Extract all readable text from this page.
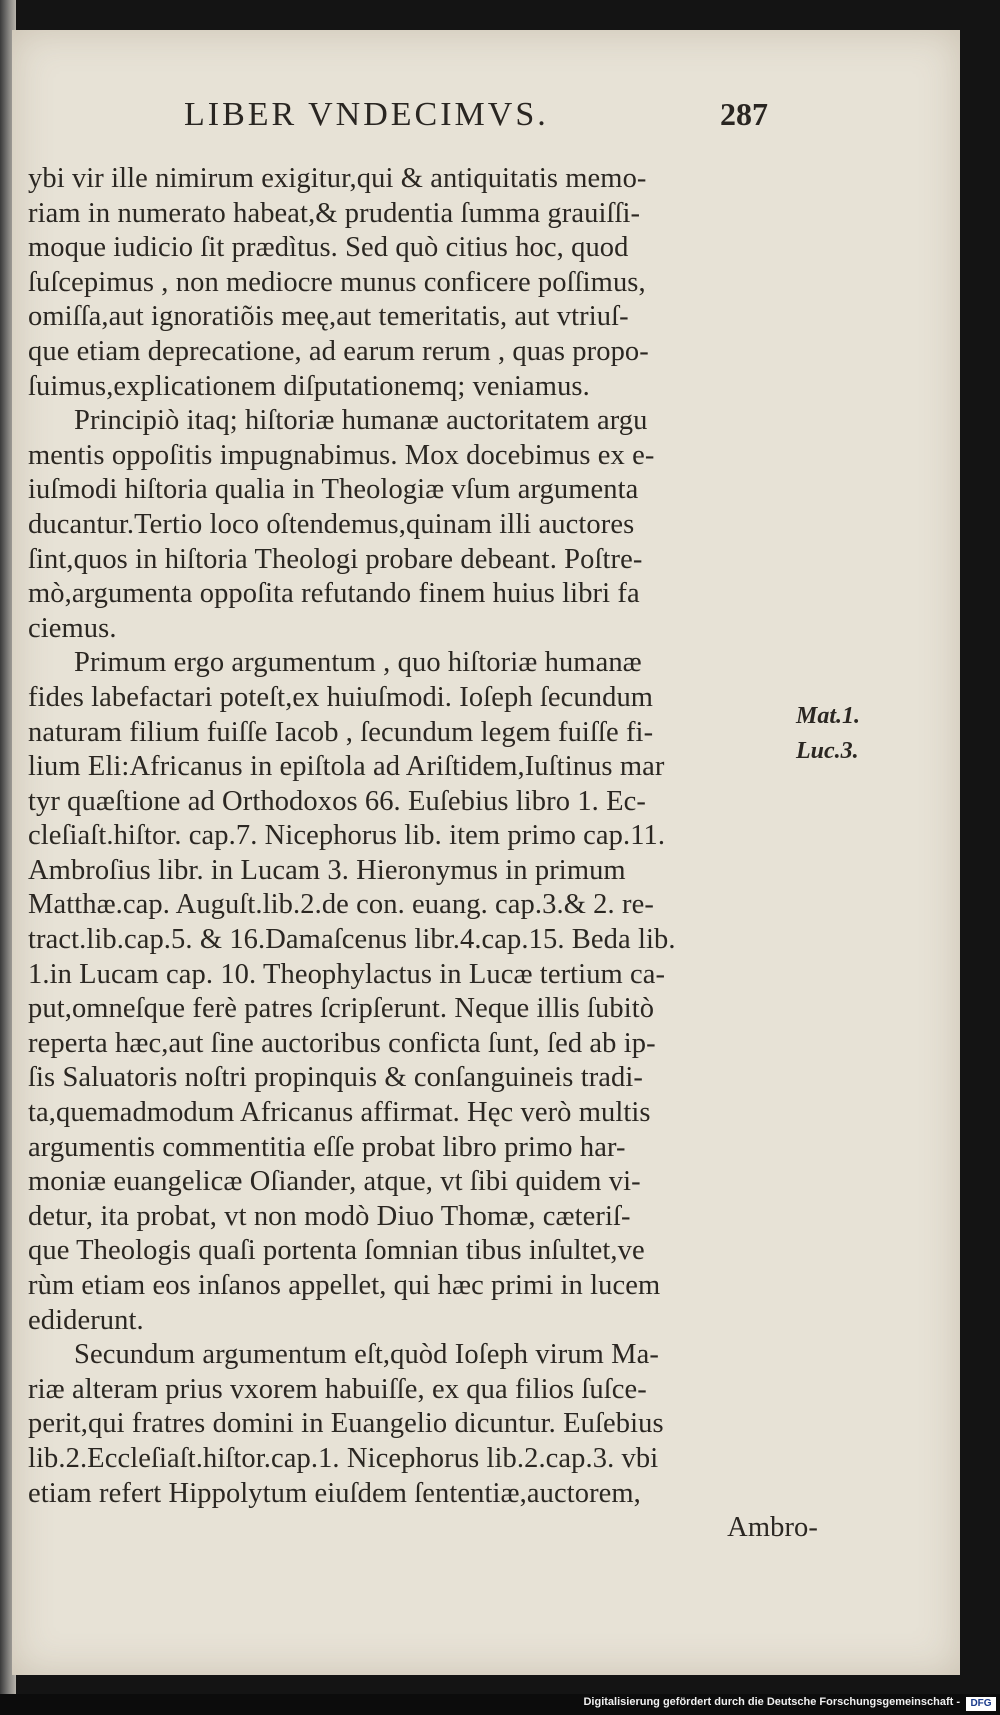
LIBER VNDECIMVS.	287
ybi vir ille nimirum exigitur,qui & antiquitatis memo-
riam in numerato habeat,& prudentia ſumma grauiſſi-
moque iudicio ſit prædìtus. Sed quò citius hoc, quod
ſuſcepimus , non mediocre munus conficere poſſimus,
omiſſa,aut ignoratiõis meę,aut temeritatis, aut vtriuſ-
que etiam deprecatione, ad earum rerum , quas propo-
ſuimus,explicationem diſputationemq; veniamus.
Principiò itaq; hiſtoriæ humanæ auctoritatem argu
mentis oppoſitis impugnabimus. Mox docebimus ex e-
iuſmodi hiſtoria qualia in Theologiæ vſum argumenta
ducantur.Tertio loco oſtendemus,quinam illi auctores
ſint,quos in hiſtoria Theologi probare debeant. Poſtre-
mò,argumenta oppoſita refutando finem huius libri fa
ciemus.
Primum ergo argumentum , quo hiſtoriæ humanæ
fides labefactari poteſt,ex huiuſmodi. Ioſeph ſecundum
naturam filium fuiſſe Iacob , ſecundum legem fuiſſe fi-
lium Eli:Africanus in epiſtola ad Ariſtidem,Iuſtinus mar
tyr quæſtione ad Orthodoxos 66. Euſebius libro 1. Ec-
cleſiaſt.hiſtor. cap.7. Nicephorus lib. item primo cap.11.
Ambroſius libr. in Lucam 3. Hieronymus in primum
Matthæ.cap. Auguſt.lib.2.de con. euang. cap.3.& 2. re-
tract.lib.cap.5. & 16.Damaſcenus libr.4.cap.15. Beda lib.
1.in Lucam cap. 10. Theophylactus in Lucæ tertium ca-
put,omneſque ferè patres ſcripſerunt. Neque illis ſubitò
reperta hæc,aut ſine auctoribus conficta ſunt, ſed ab ip-
ſis Saluatoris noſtri propinquis & conſanguineis tradi-
ta,quemadmodum Africanus affirmat. Hęc verò multis
argumentis commentitia eſſe probat libro primo har-
moniæ euangelicæ Oſiander, atque, vt ſibi quidem vi-
detur, ita probat, vt non modò Diuo Thomæ, cæteriſ-
que Theologis quaſi portenta ſomnian tibus inſultet,ve
rùm etiam eos inſanos appellet, qui hæc primi in lucem
ediderunt.
Secundum argumentum eſt,quòd Ioſeph virum Ma-
riæ alteram prius vxorem habuiſſe, ex qua filios ſuſce-
perit,qui fratres domini in Euangelio dicuntur. Euſebius
lib.2.Eccleſiaſt.hiſtor.cap.1. Nicephorus lib.2.cap.3. vbi
etiam refert Hippolytum eiuſdem ſententiæ,auctorem,
Ambro-
Mat.1.
Luc.3.
Digitalisierung gefördert durch die Deutsche Forschungsgemeinschaft -	DFG
